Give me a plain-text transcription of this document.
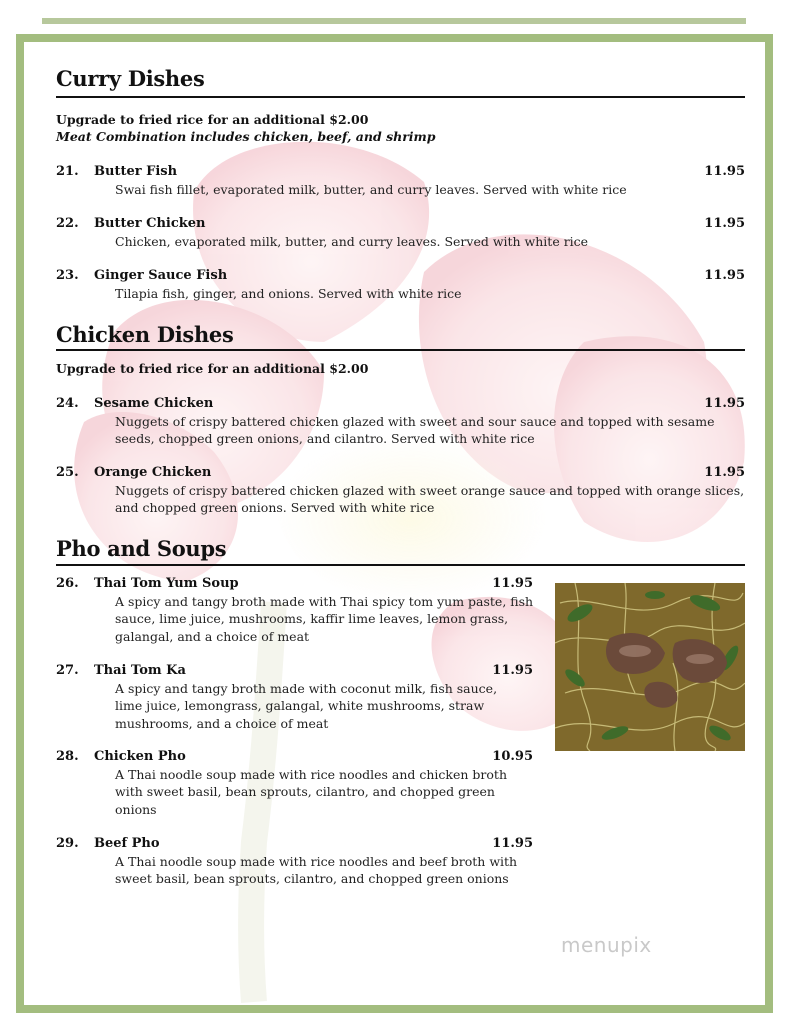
Curry Dishes
Upgrade to fried rice for an additional $2.00
Meat Combination includes chicken, beef, and shrimp
21. Butter Fish	11.95
Swai fish fillet, evaporated milk, butter, and curry leaves. Served with white rice
22. Butter Chicken	11.95
Chicken, evaporated milk, butter, and curry leaves. Served with white rice
23. Ginger Sauce Fish	11.95
Tilapia fish, ginger, and onions. Served with white rice
Chicken Dishes
Upgrade to fried rice for an additional $2.00
24. Sesame Chicken	11.95
Nuggets of crispy battered chicken glazed with sweet and sour sauce and topped with sesame
seeds, chopped green onions, and cilantro. Served with white rice
25. Orange Chicken	11.95
Nuggets of crispy battered chicken glazed with sweet orange sauce and topped with orange slices,
and chopped green onions. Served with white rice
Pho and Soups
26. Thai Tom Yum Soup	11.95
A spicy and tangy broth made with Thai spicy tom yum paste, fish
sauce, lime juice, mushrooms, kaffir lime leaves, lemon grass,
galangal, and a choice of meat
27. Thai Tom Ka	11.95
A spicy and tangy broth made with coconut milk, fish sauce,
lime juice, lemongrass, galangal, white mushrooms, straw
mushrooms, and a choice of meat
28. Chicken Pho	10.95
A Thai noodle soup made with rice noodles and chicken broth
with sweet basil, bean sprouts, cilantro, and chopped green
onions
29. Beef Pho	11.95
A Thai noodle soup made with rice noodles and beef broth with
sweet basil, bean sprouts, cilantro, and chopped green onions
menupix
